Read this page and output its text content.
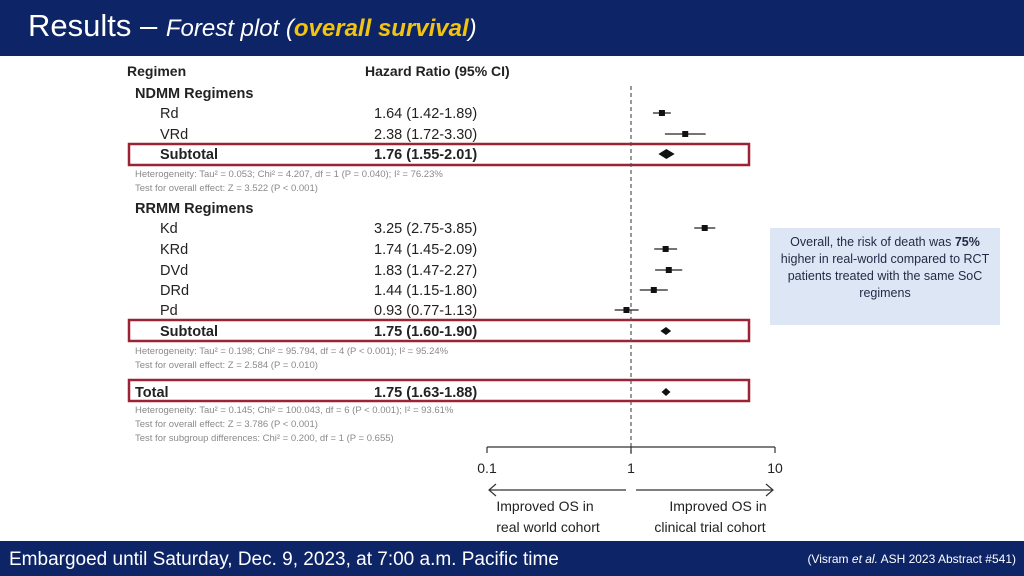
Results – Forest plot (overall survival)
Regimen	Hazard Ratio (95% CI)
NDMM Regimens
Rd	1.64 (1.42-1.89)
VRd	2.38 (1.72-3.30)
Subtotal	1.76 (1.55-2.01)
Heterogeneity: Tau² = 0.053; Chi² = 4.207, df = 1 (P = 0.040); I² = 76.23%
Test for overall effect: Z = 3.522 (P < 0.001)
RRMM Regimens
Kd	3.25 (2.75-3.85)
KRd	1.74 (1.45-2.09)
DVd	1.83 (1.47-2.27)
DRd	1.44 (1.15-1.80)
Pd	0.93 (0.77-1.13)
Subtotal	1.75 (1.60-1.90)
Heterogeneity: Tau² = 0.198; Chi² = 95.794, df = 4 (P < 0.001); I² = 95.24%
Test for overall effect: Z = 2.584 (P = 0.010)
Total	1.75 (1.63-1.88)
Heterogeneity: Tau² = 0.145; Chi² = 100.043, df = 6 (P < 0.001); I² = 93.61%
Test for overall effect: Z = 3.786 (P < 0.001)
Test for subgroup differences: Chi² = 0.200, df = 1 (P = 0.655)
0.1	1	10
Improved OS in
real world cohort
Improved OS in
clinical trial cohort
Overall, the risk of death was 75% higher in real-world compared to RCT patients treated with the same SoC regimens
Embargoed until Saturday, Dec. 9, 2023, at 7:00 a.m. Pacific time	(Visram et al. ASH 2023 Abstract #541)
